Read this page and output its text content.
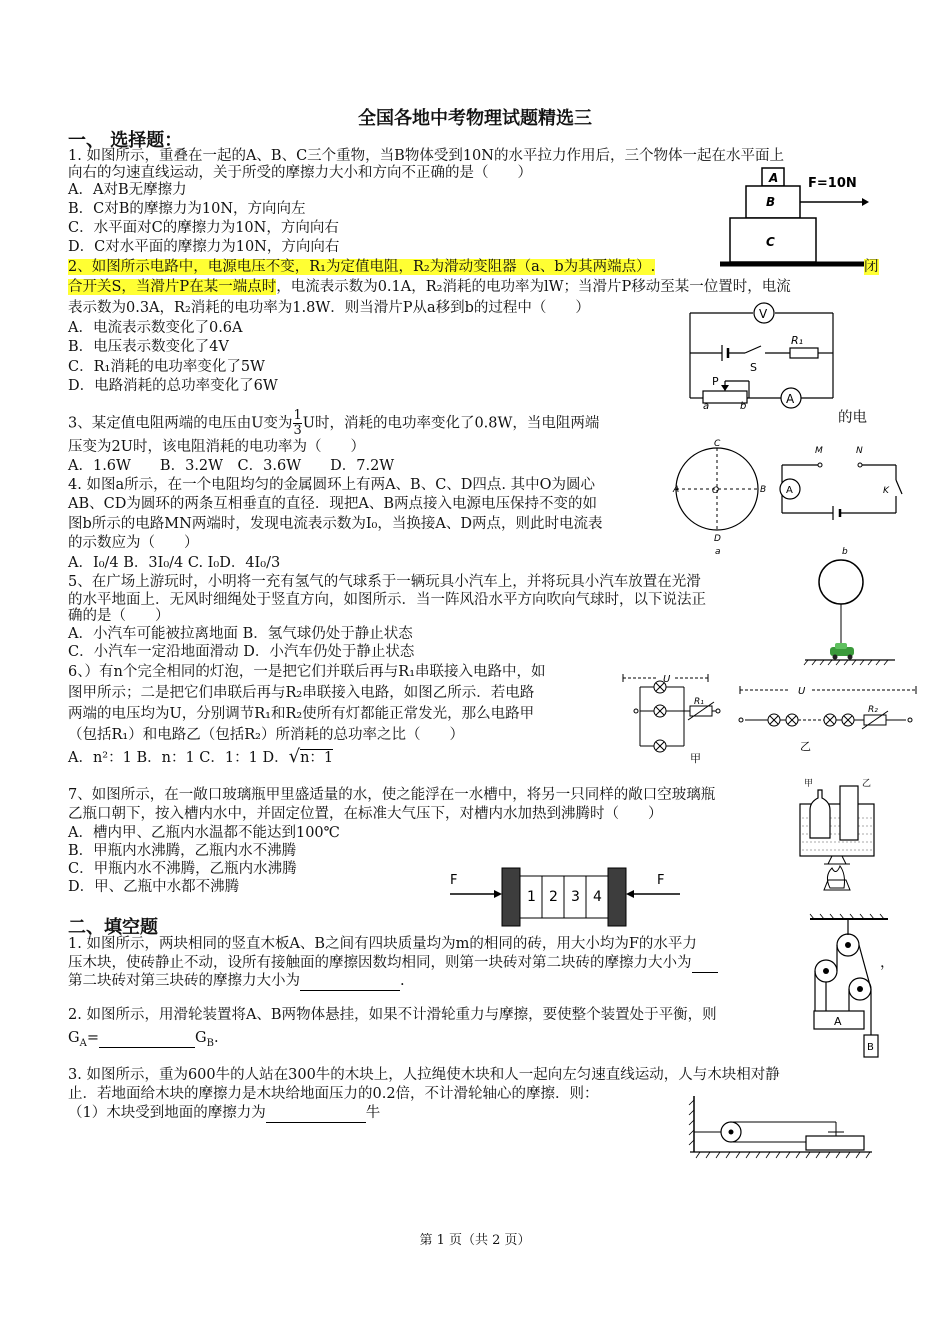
全国各地中考物理试题精选三
一、 选择题：
1. 如图所示，重叠在一起的A、B、C三个重物，当B物体受到10N的水平拉力作用后，三个物体一起在水平面上
向右的匀速直线运动，关于所受的摩擦力大小和方向不正确的是（　　）
A．A对B无摩擦力
B．C对B的摩擦力为10N，方向向左
C．水平面对C的摩擦力为10N，方向向右
D．C对水平面的摩擦力为10N，方向向右
A
B
F=10N
C
2、如图所示电路中，电源电压不变，R₁为定值电阻，R₂为滑动变阻器（a、b为其两端点）.	闭
合开关S，当滑片P在某一端点时，电流表示数为0.1A，R₂消耗的电功率为lW；当滑片P移动至某一位置时，电流
表示数为0.3A，R₂消耗的电功率为1.8W．则当滑片P从a移到b的过程中（　　）
A．电流表示数变化了0.6A
B．电压表示数变化了4V
C．R₁消耗的电功率变化了5W
D．电路消耗的总功率变化了6W
V
R₁
S
P
a	b
A
3、某定值电阻两端的电压由U变为 $\frac{1}{3}$ U时，消耗的电功率变化了0.8W，当电阻两端	的电
压变为2U时，该电阻消耗的电功率为（　　）
A．1.6W　　B．3.2W　C．3.6W　　D．7.2W
4. 如图a所示，在一个电阻均匀的金属圆环上有两A、B、C、D四点. 其中O为圆心
AB、CD为圆环的两条互相垂直的直径．现把A、B两点接入电源电压保持不变的如
图b所示的电路MN两端时，发现电流表示数为I₀，当换接A、D两点，则此时电流表
的示数应为（　　）
A．I₀/4 B．3I₀/4 C. I₀D．4I₀/3
C
D
A	B
O
a
M	N
A	K
b
5、在广场上游玩时，小明将一充有氢气的气球系于一辆玩具小汽车上，并将玩具小汽车放置在光滑
的水平地面上．无风时细绳处于竖直方向，如图所示．当一阵风沿水平方向吹向气球时，以下说法正
确的是（　　）
A．小汽车可能被拉离地面 B．氢气球仍处于静止状态
C．小汽车一定沿地面滑动 D．小汽车仍处于静止状态
6、）有n个完全相同的灯泡，一是把它们并联后再与R₁串联接入电路中，如
图甲所示；二是把它们串联后再与R₂串联接入电路，如图乙所示．若电路
两端的电压均为U，分别调节R₁和R₂使所有灯都能正常发光，那么电路甲
（包括R₁）和电路乙（包括R₂）所消耗的总功率之比（　　）
A．n²：1 B．n：1 C．1：1 D．√n：1
U
R₁
甲
U
R₂
乙
7、如图所示，在一敞口玻璃瓶甲里盛适量的水，使之能浮在一水槽中，将另一只同样的敞口空玻璃瓶
乙瓶口朝下，按入槽内水中，并固定位置，在标准大气压下，对槽内水加热到沸腾时（　　）
A．槽内甲、乙瓶内水温都不能达到100℃
B．甲瓶内水沸腾，乙瓶内水不沸腾
C．甲瓶内水不沸腾，乙瓶内水沸腾
D．甲、乙瓶中水都不沸腾
甲	乙
F
1 2 3 4
F
二、填空题
1. 如图所示，两块相同的竖直木板A、B之间有四块质量均为m的相同的砖，用大小均为F的水平力
压木块，使砖静止不动，设所有接触面的摩擦因数均相同，则第一块砖对第二块砖的摩擦力大小为	，
第二块砖对第三块砖的摩擦力大小为	.
2. 如图所示，用滑轮装置将A、B两物体悬挂，如果不计滑轮重力与摩擦，要使整个装置处于平衡，则
$G_A=$	$G_B$.
A
B
3. 如图所示，重为600牛的人站在300牛的木块上，人拉绳使木块和人一起向左匀速直线运动，人与木块相对静
止．若地面给木块的摩擦力是木块给地面压力的0.2倍，不计滑轮轴心的摩擦．则：
（1）木块受到地面的摩擦力为	牛
第 1 页（共 2 页）
